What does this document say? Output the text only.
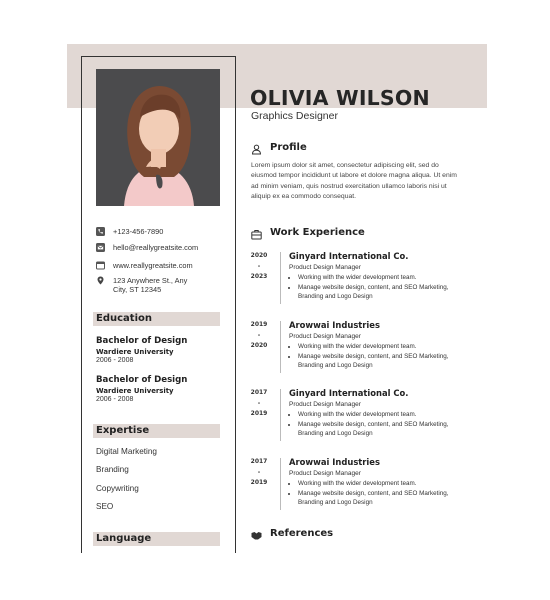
OLIVIA WILSON
Graphics Designer
+123-456-7890
hello@reallygreatsite.com
www.reallygreatsite.com
123 Anywhere St., Any City, ST 12345
Education
Bachelor of Design
Wardiere University
2006 - 2008
Bachelor of Design
Wardiere University
2006 - 2008
Expertise
Digital Marketing
Branding
Copywriting
SEO
Language
Profile
Lorem ipsum dolor sit amet, consectetur adipiscing elit, sed do eiusmod tempor incididunt ut labore et dolore magna aliqua. Ut enim ad minim veniam, quis nostrud exercitation ullamco laboris nisi ut aliquip ex ea commodo consequat.
Work Experience
2020
-
2023
Ginyard International Co.
Product Design Manager
• Working with the wider development team.
• Manage website design, content, and SEO Marketing, Branding and Logo Design
2019
-
2020
Arowwai Industries
Product Design Manager
• Working with the wider development team.
• Manage website design, content, and SEO Marketing, Branding and Logo Design
2017
-
2019
Ginyard International Co.
Product Design Manager
• Working with the wider development team.
• Manage website design, content, and SEO Marketing, Branding and Logo Design
2017
-
2019
Arowwai Industries
Product Design Manager
• Working with the wider development team.
• Manage website design, content, and SEO Marketing, Branding and Logo Design
References
